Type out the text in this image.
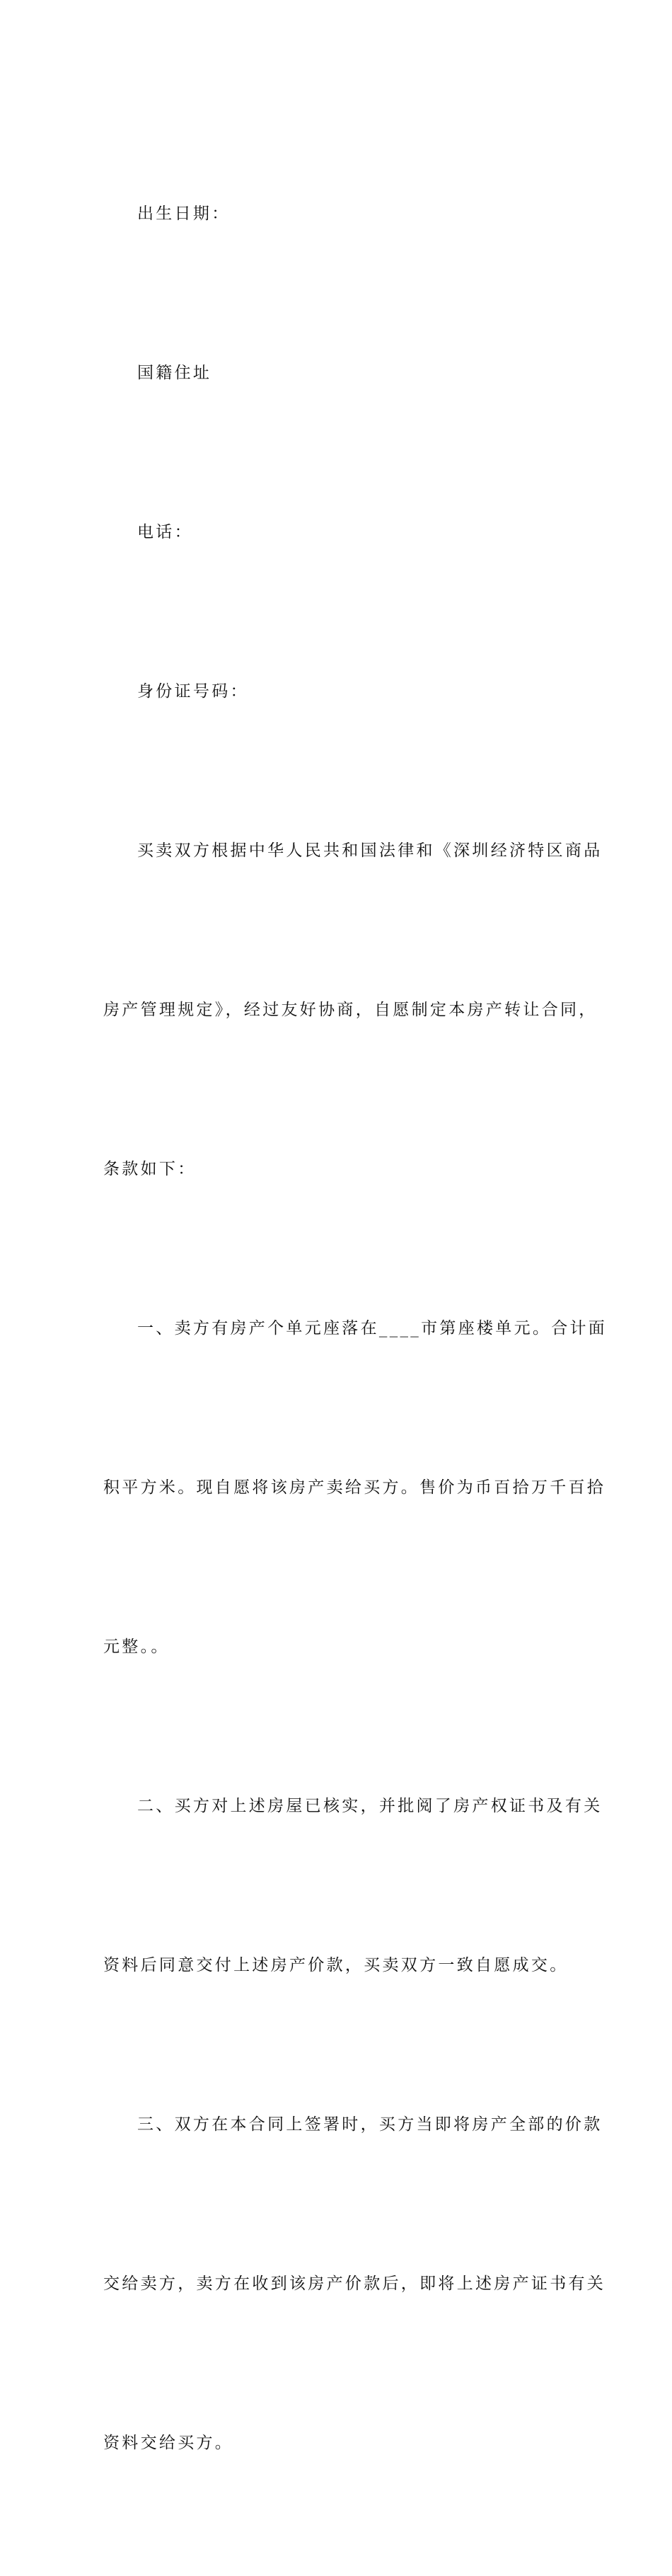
出生日期：

国籍住址

电话：

身份证号码：

买卖双方根据中华人民共和国法律和《深圳经济特区商品

房产管理规定》，经过友好协商，自愿制定本房产转让合同，

条款如下：

一、卖方有房产个单元座落在____市第座楼单元。合计面

积平方米。现自愿将该房产卖给买方。售价为币百拾万千百拾

元整。。

二、买方对上述房屋已核实，并批阅了房产权证书及有关

资料后同意交付上述房产价款，买卖双方一致自愿成交。

三、双方在本合同上签署时，买方当即将房产全部的价款

交给卖方，卖方在收到该房产价款后，即将上述房产证书有关

资料交给买方。
